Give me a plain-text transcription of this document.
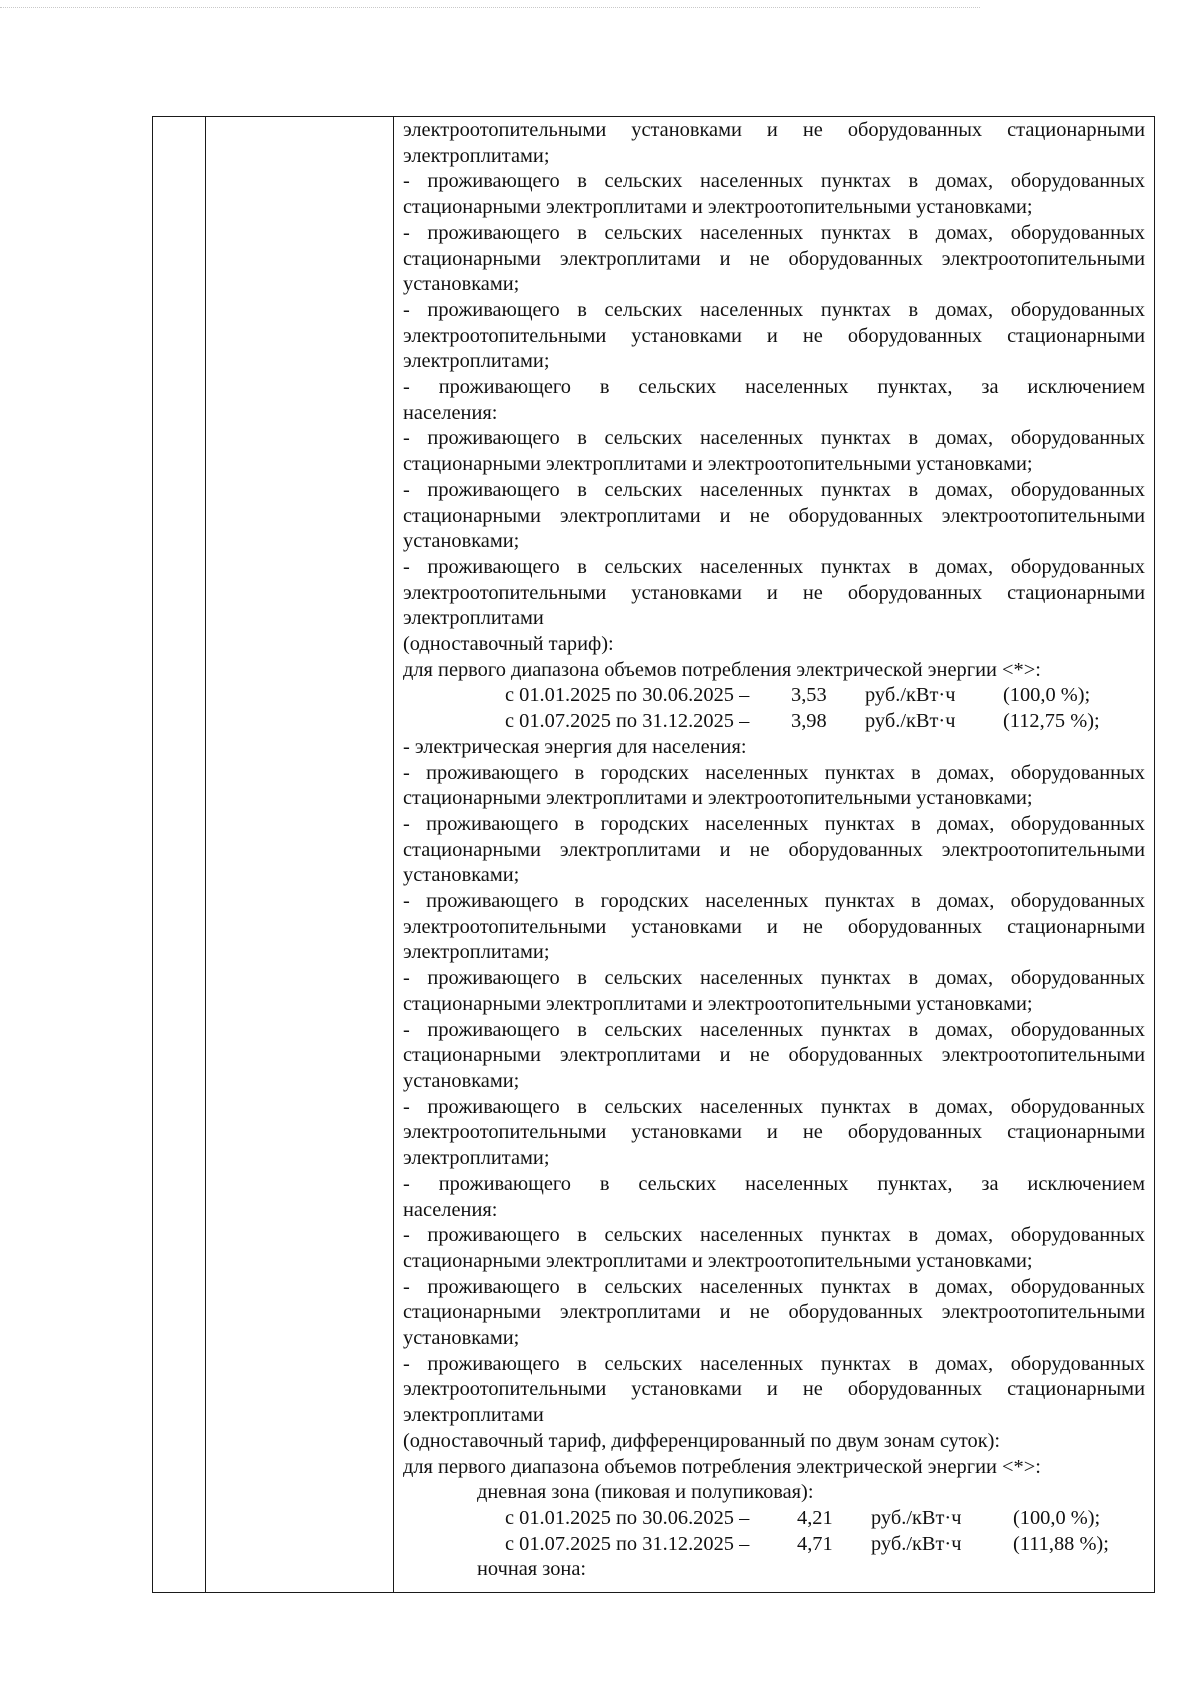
электроотопительными установками и не оборудованных стационарными

электроплитами;

- проживающего в сельских населенных пунктах в домах, оборудованных

стационарными электроплитами и электроотопительными установками;

- проживающего в сельских населенных пунктах в домах, оборудованных

стационарными электроплитами и не оборудованных электроотопительными

установками;

- проживающего в сельских населенных пунктах в домах, оборудованных

электроотопительными установками и не оборудованных стационарными

электроплитами;

- проживающего в сельских населенных пунктах, за исключением

населения:

- проживающего в сельских населенных пунктах в домах, оборудованных

стационарными электроплитами и электроотопительными установками;

- проживающего в сельских населенных пунктах в домах, оборудованных

стационарными электроплитами и не оборудованных электроотопительными

установками;

- проживающего в сельских населенных пунктах в домах, оборудованных

электроотопительными установками и не оборудованных стационарными

электроплитами

(одноставочный тариф):

для первого диапазона объемов потребления электрической энергии <*>:

с 01.01.2025 по 30.06.2025 – 3,53 руб./кВт·ч (100,0 %);
с 01.07.2025 по 31.12.2025 – 3,98 руб./кВт·ч (112,75 %);

- электрическая энергия для населения:

- проживающего в городских населенных пунктах в домах, оборудованных

стационарными электроплитами и электроотопительными установками;

- проживающего в городских населенных пунктах в домах, оборудованных

стационарными электроплитами и не оборудованных электроотопительными

установками;

- проживающего в городских населенных пунктах в домах, оборудованных

электроотопительными установками и не оборудованных стационарными

электроплитами;

- проживающего в сельских населенных пунктах в домах, оборудованных

стационарными электроплитами и электроотопительными установками;

- проживающего в сельских населенных пунктах в домах, оборудованных

стационарными электроплитами и не оборудованных электроотопительными

установками;

- проживающего в сельских населенных пунктах в домах, оборудованных

электроотопительными установками и не оборудованных стационарными

электроплитами;

- проживающего в сельских населенных пунктах, за исключением

населения:

- проживающего в сельских населенных пунктах в домах, оборудованных

стационарными электроплитами и электроотопительными установками;

- проживающего в сельских населенных пунктах в домах, оборудованных

стационарными электроплитами и не оборудованных электроотопительными

установками;

- проживающего в сельских населенных пунктах в домах, оборудованных

электроотопительными установками и не оборудованных стационарными

электроплитами

(одноставочный тариф, дифференцированный по двум зонам суток):

для первого диапазона объемов потребления электрической энергии <*>:

дневная зона (пиковая и полупиковая):

с 01.01.2025 по 30.06.2025 – 4,21 руб./кВт·ч	(100,0 %);
с 01.07.2025 по 31.12.2025 – 4,71 руб./кВт·ч	(111,88 %);

ночная зона:
